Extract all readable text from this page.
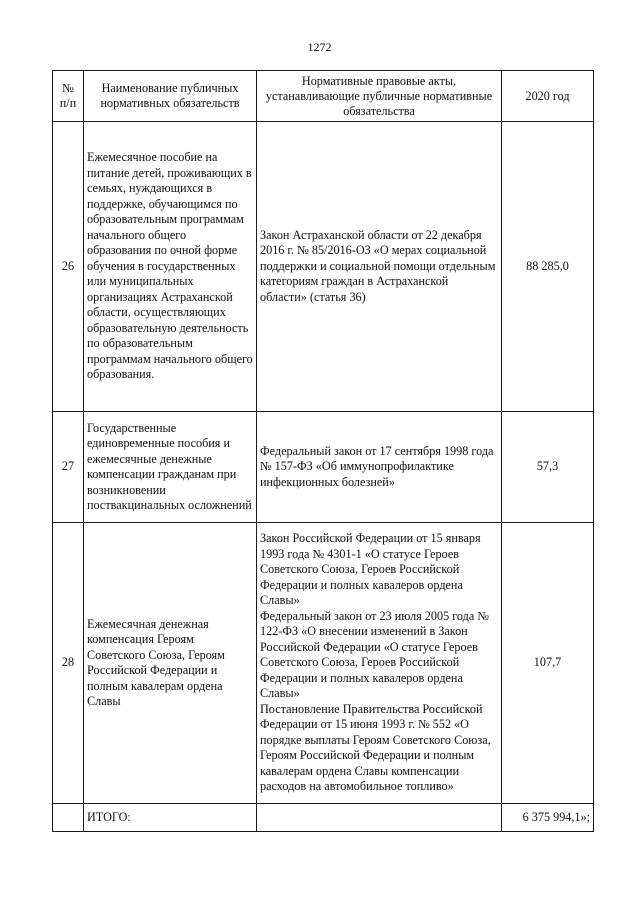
1272
№ п/п	Наименование публичных нормативных обязательств	Нормативные правовые акты, устанавливающие публичные нормативные обязательства	2020 год
26	Ежемесячное пособие на питание детей, проживающих в семьях, нуждающихся в поддержке, обучающимся по образовательным программам начального общего образования по очной форме обучения в государственных или муниципальных организациях Астраханской области, осуществляющих образовательную деятельность по образовательным программам начального общего образования.	Закон Астраханской области от 22 декабря 2016 г. № 85/2016-ОЗ «О мерах социальной поддержки и социальной помощи отдельным категориям граждан в Астраханской области» (статья 36)	88 285,0
27	Государственные единовременные пособия и ежемесячные денежные компенсации гражданам при возникновении поствакцинальных осложнений	Федеральный закон от 17 сентября 1998 года № 157-ФЗ «Об иммунопрофилактике инфекционных болезней»	57,3
28	Ежемесячная денежная компенсация Героям Советского Союза, Героям Российской Федерации и полным кавалерам ордена Славы	Закон Российской Федерации от 15 января 1993 года № 4301-1 «О статусе Героев Советского Союза, Героев Российской Федерации и полных кавалеров ордена Славы»
Федеральный закон от 23 июля 2005 года № 122-ФЗ «О внесении изменений в Закон Российской Федерации «О статусе Героев Советского Союза, Героев Российской Федерации и полных кавалеров ордена Славы»
Постановление Правительства Российской Федерации от 15 июня 1993 г. № 552 «О порядке выплаты Героям Советского Союза, Героям Российской Федерации и полным кавалерам ордена Славы компенсации расходов на автомобильное топливо»	107,7
	ИТОГО:		6 375 994,1»;
